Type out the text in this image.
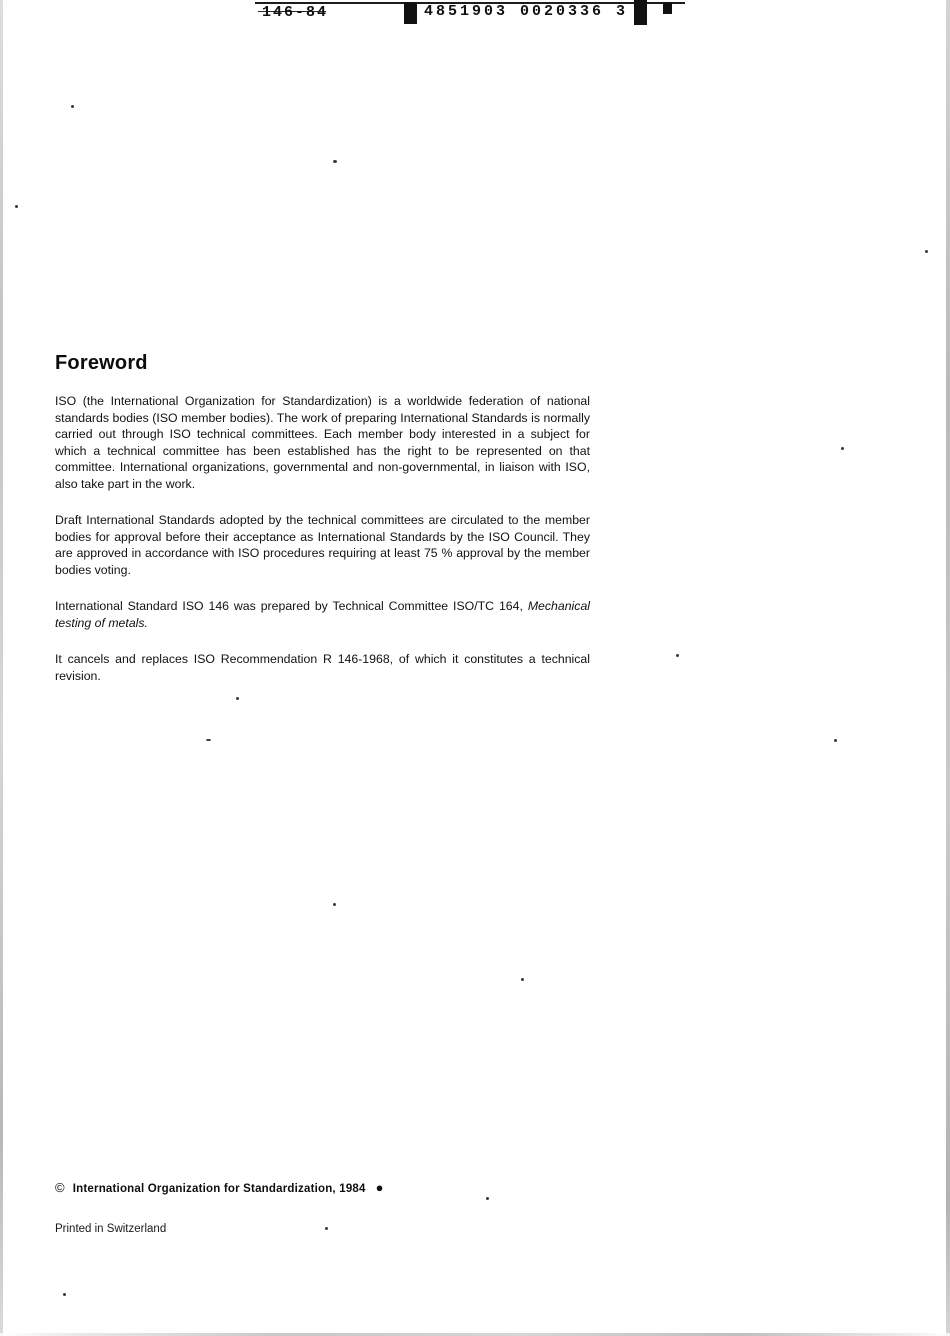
146-84	4851903 0020336 3
Foreword

ISO (the International Organization for Standardization) is a worldwide federation of national standards bodies (ISO member bodies). The work of preparing International Standards is normally carried out through ISO technical committees. Each member body interested in a subject for which a technical committee has been established has the right to be represented on that committee. International organizations, governmental and non-governmental, in liaison with ISO, also take part in the work.

Draft International Standards adopted by the technical committees are circulated to the member bodies for approval before their acceptance as International Standards by the ISO Council. They are approved in accordance with ISO procedures requiring at least 75 % approval by the member bodies voting.

International Standard ISO 146 was prepared by Technical Committee ISO/TC 164, Mechanical testing of metals.

It cancels and replaces ISO Recommendation R 146-1968, of which it constitutes a technical revision.

© International Organization for Standardization, 1984 ●
Printed in Switzerland
